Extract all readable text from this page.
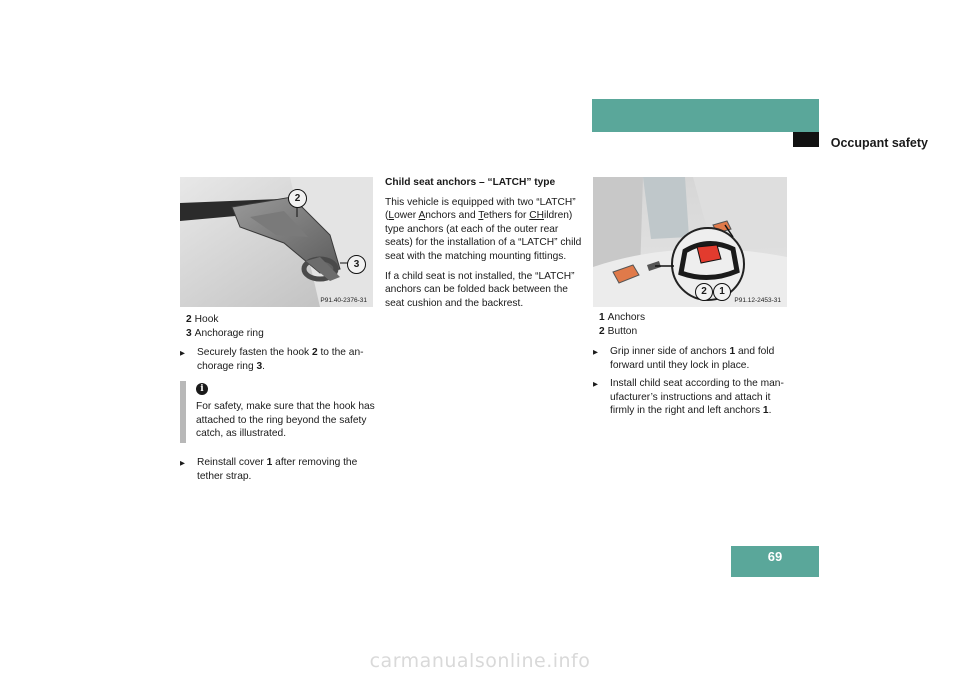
Safety and Security
Occupant safety
2
3
P91.40-2376-31
2 Hook
3 Anchorage ring
▶ Securely fasten the hook 2 to the an-chorage ring 3.
i
For safety, make sure that the hook has attached to the ring beyond the safety catch, as illustrated.
▶ Reinstall cover 1 after removing the tether strap.
Child seat anchors – “LATCH” type

This vehicle is equipped with two “LATCH” (Lower Anchors and Tethers for CHildren) type anchors (at each of the outer rear seats) for the installation of a “LATCH” child seat with the matching mounting fittings.

If a child seat is not installed, the “LATCH” anchors can be folded back between the seat cushion and the backrest.

2	1
P91.12-2453-31
1 Anchors
2 Button
▶ Grip inner side of anchors 1 and fold forward until they lock in place.
▶ Install child seat according to the man-ufacturer’s instructions and attach it firmly in the right and left anchors 1.
69
carmanualsonline.info
